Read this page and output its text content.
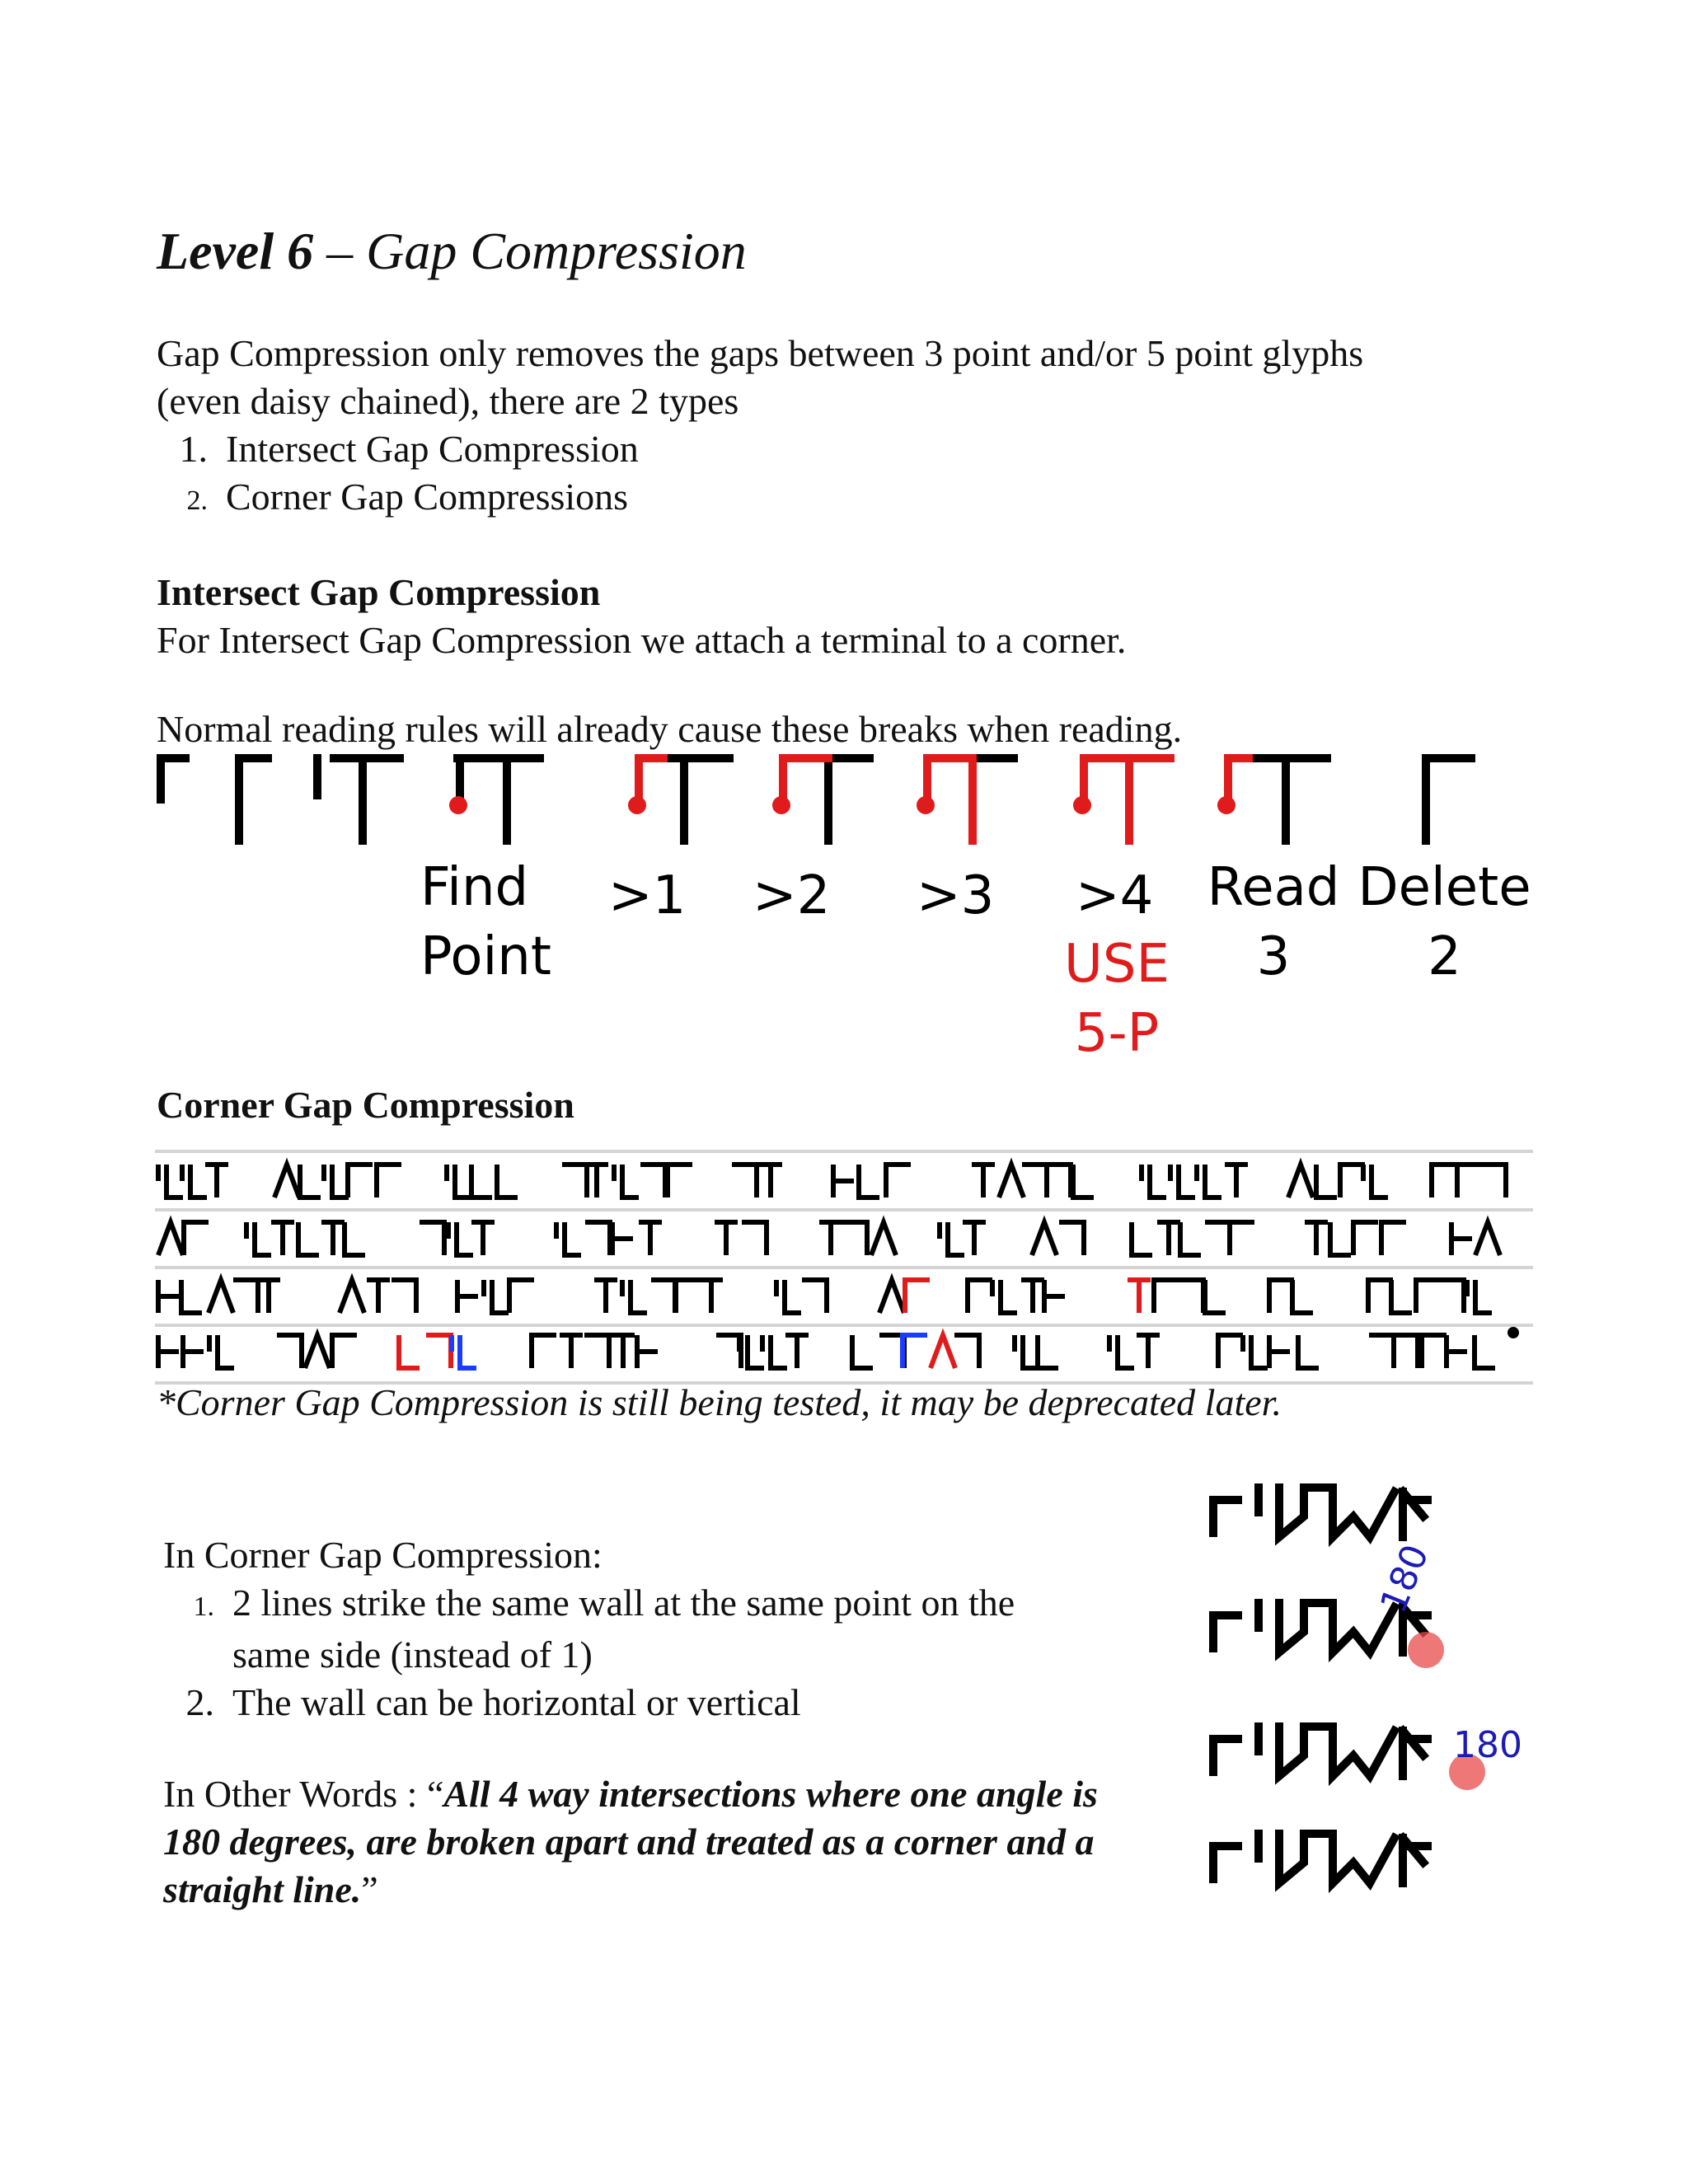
Level 6 – Gap Compression
Gap Compression only removes the gaps between 3 point and/or 5 point glyphs
(even daisy chained), there are 2 types
1. Intersect Gap Compression
2. Corner Gap Compressions
Intersect Gap Compression
For Intersect Gap Compression we attach a terminal to a corner.
Normal reading rules will already cause these breaks when reading.
Find
Point
>1 >2 >3 >4
USE
5-P
Read
3
Delete
2
Corner Gap Compression
*Corner Gap Compression is still being tested, it may be deprecated later.
In Corner Gap Compression:
1. 2 lines strike the same wall at the same point on the
same side (instead of 1)
2. The wall can be horizontal or vertical
In Other Words : “All 4 way intersections where one angle is
180 degrees, are broken apart and treated as a corner and a
straight line.”
180
180
